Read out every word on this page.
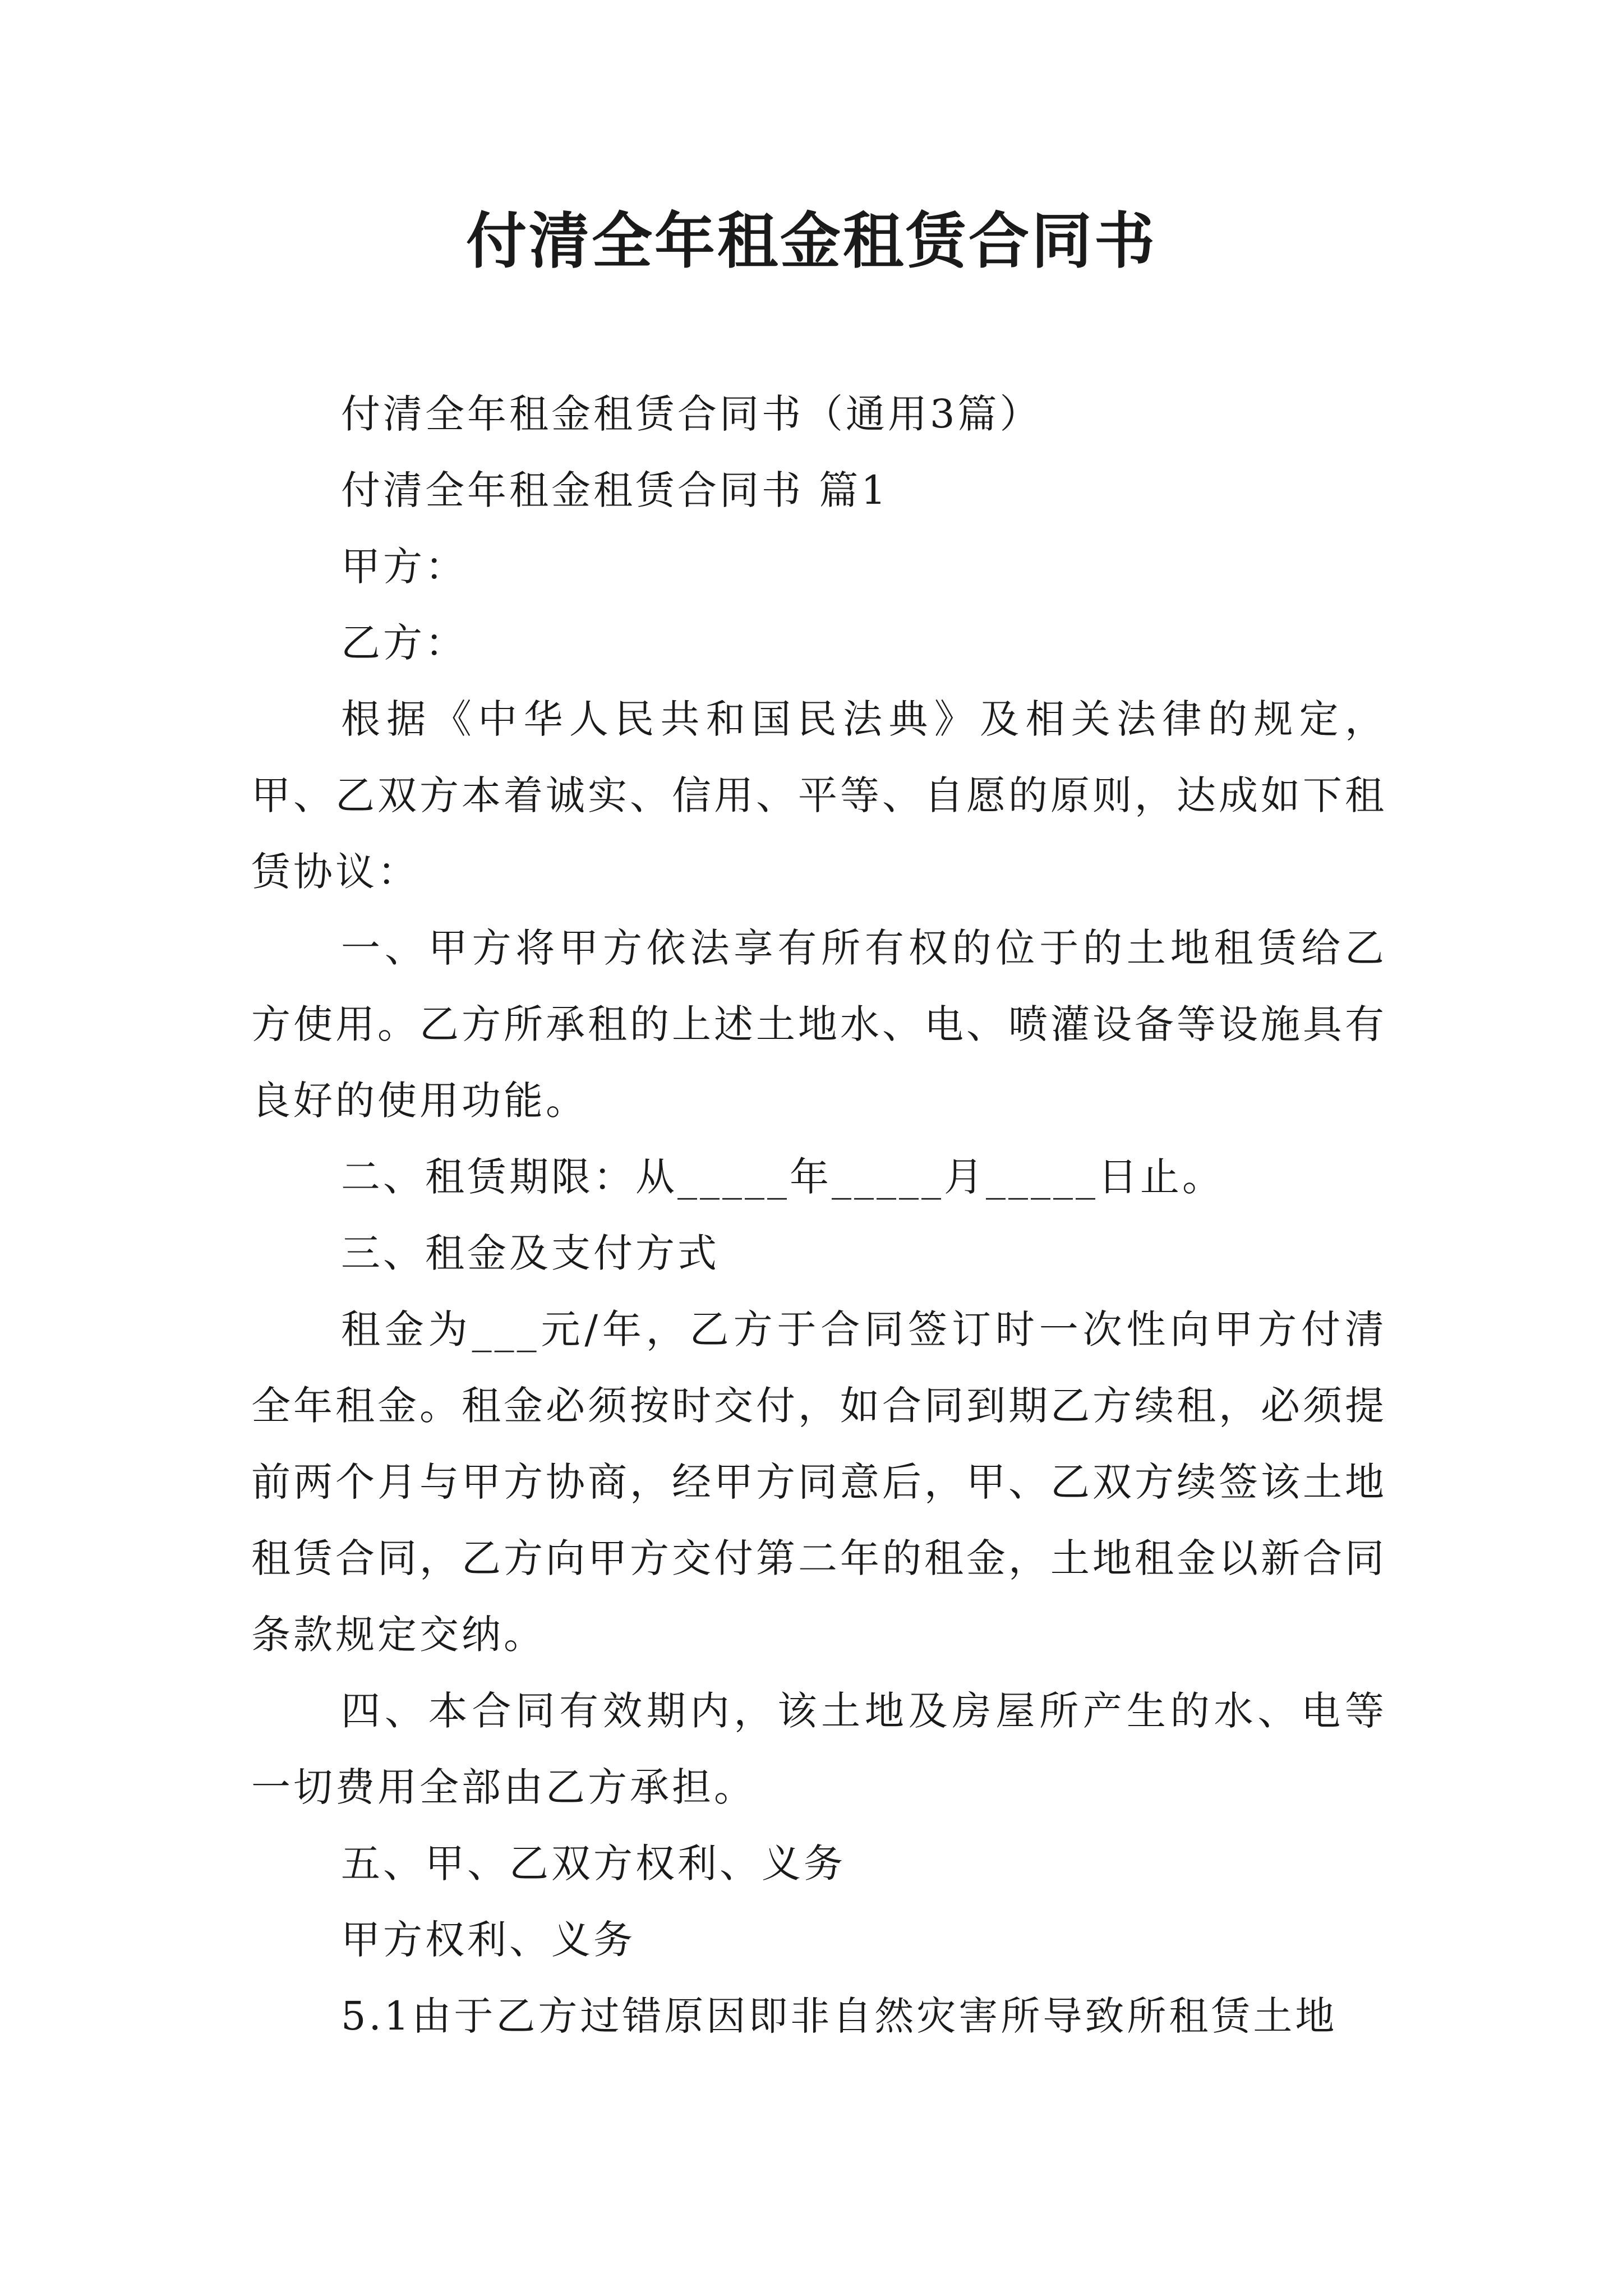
付清全年租金租赁合同书

付清全年租金租赁合同书（通用3篇）

付清全年租金租赁合同书 篇1

甲方：

乙方：

根据《中华人民共和国民法典》及相关法律的规定，甲、乙双方本着诚实、信用、平等、自愿的原则，达成如下租赁协议：

一、甲方将甲方依法享有所有权的位于的土地租赁给乙方使用。乙方所承租的上述土地水、电、喷灌设备等设施具有良好的使用功能。

二、租赁期限：从_____年_____月_____日止。

三、租金及支付方式

租金为___元/年，乙方于合同签订时一次性向甲方付清全年租金。租金必须按时交付，如合同到期乙方续租，必须提前两个月与甲方协商，经甲方同意后，甲、乙双方续签该土地租赁合同，乙方向甲方交付第二年的租金，土地租金以新合同条款规定交纳。

四、本合同有效期内，该土地及房屋所产生的水、电等一切费用全部由乙方承担。

五、甲、乙双方权利、义务

甲方权利、义务

5.1由于乙方过错原因即非自然灾害所导致所租赁土地
